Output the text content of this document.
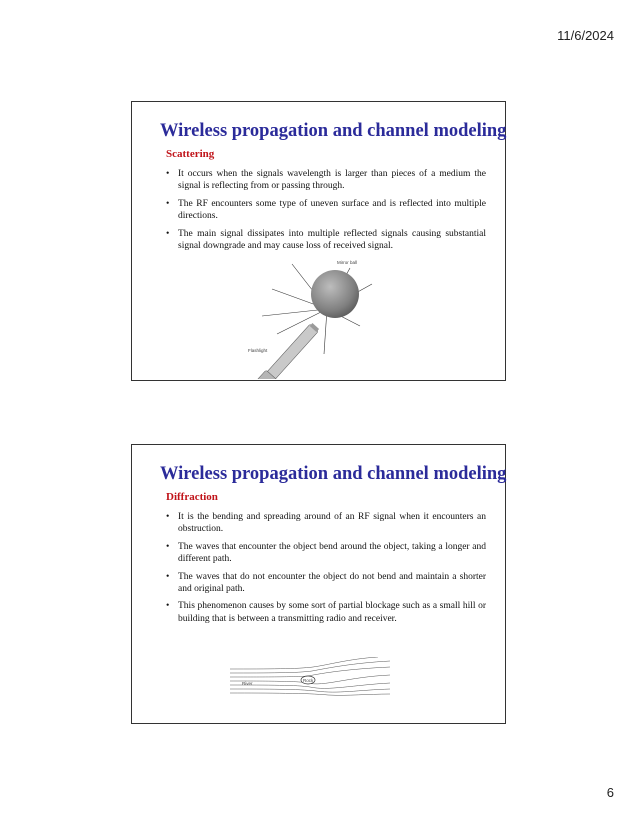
11/6/2024
Wireless propagation and channel modeling
Scattering
• It occurs when the signals wavelength is larger than pieces of a medium the signal is reflecting from or passing through.
• The RF encounters some type of uneven surface and is reflected into multiple directions.
• The main signal dissipates into multiple reflected signals causing substantial signal downgrade and may cause loss of received signal.
Mirror ball
Flashlight
Wireless propagation and channel modeling
Diffraction
• It is the bending and spreading around of an RF signal when it encounters an obstruction.
• The waves that encounter the object bend around the object, taking a longer and different path.
• The waves that do not encounter the object do not bend and maintain a shorter and original path.
• This phenomenon causes by some sort of partial blockage such as a small hill or building that is between a transmitting radio and receiver.
Rock
River
6
